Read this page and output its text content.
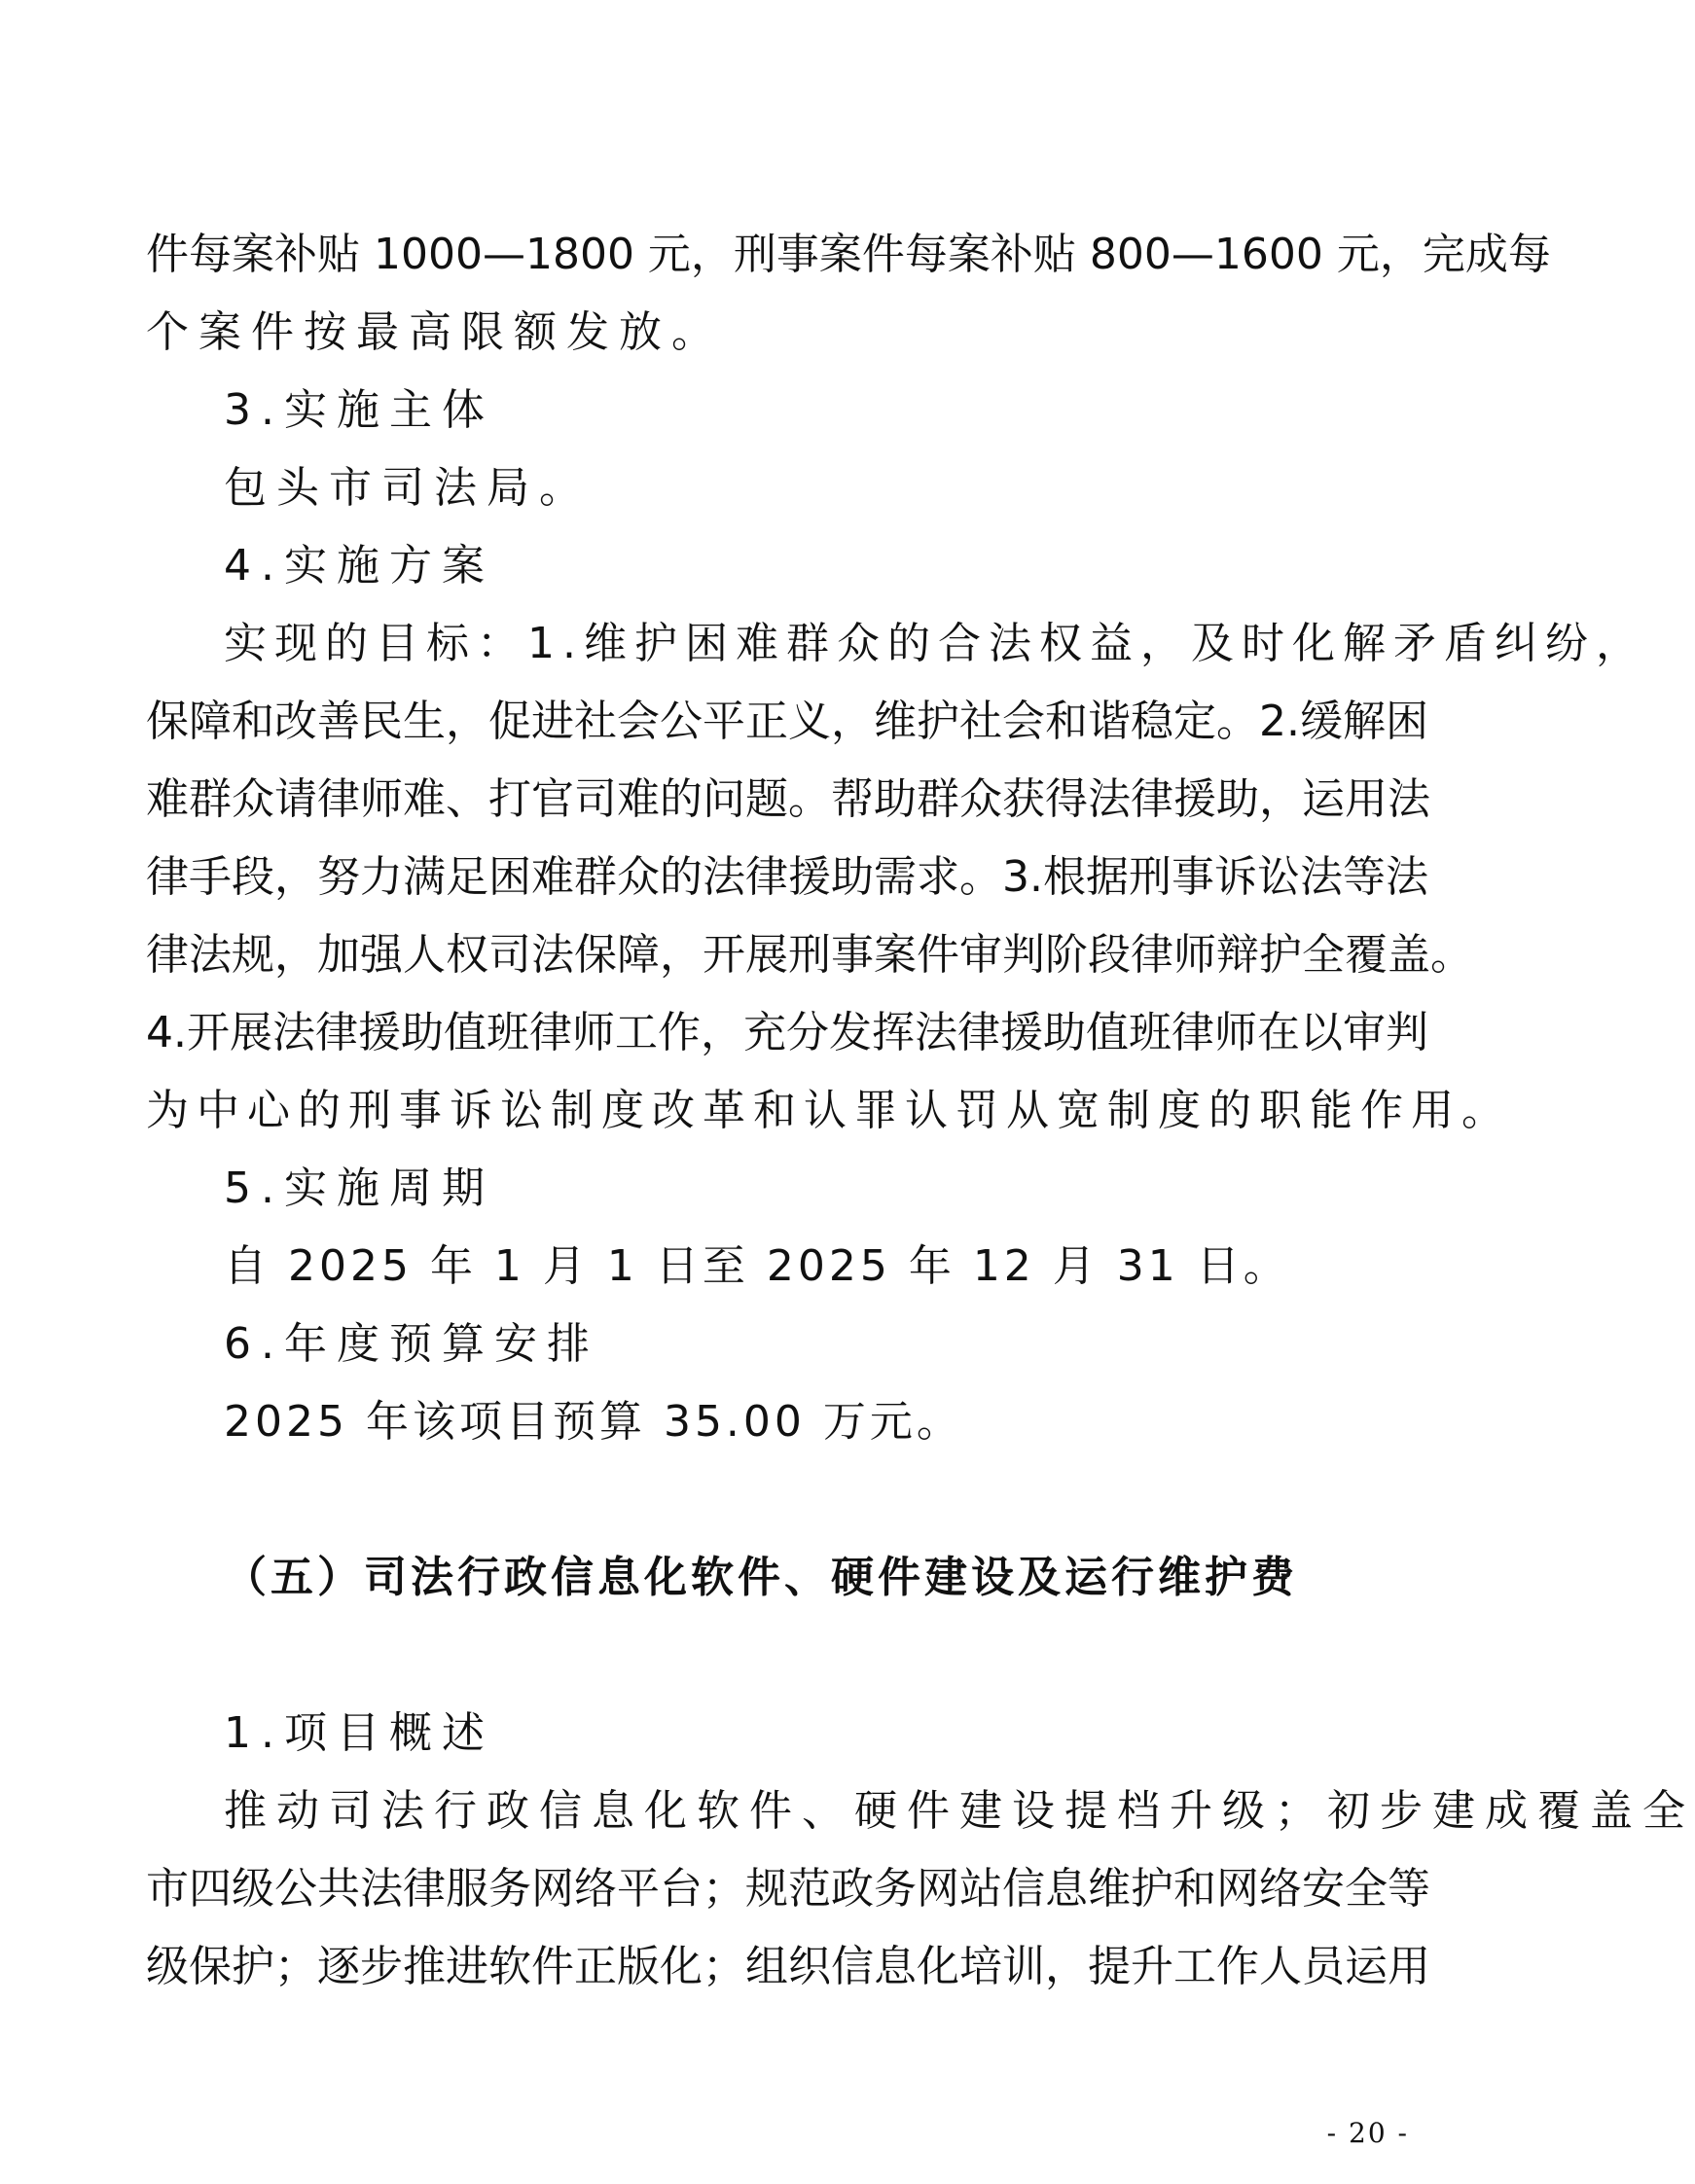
件每案补贴 1000—1800 元，刑事案件每案补贴 800—1600 元，完成每
个案件按最高限额发放。
3.实施主体
包头市司法局。
4.实施方案
实现的目标：1.维护困难群众的合法权益，及时化解矛盾纠纷，
保障和改善民生，促进社会公平正义，维护社会和谐稳定。2.缓解困
难群众请律师难、打官司难的问题。帮助群众获得法律援助，运用法
律手段，努力满足困难群众的法律援助需求。3.根据刑事诉讼法等法
律法规，加强人权司法保障，开展刑事案件审判阶段律师辩护全覆盖。
4.开展法律援助值班律师工作，充分发挥法律援助值班律师在以审判
为中心的刑事诉讼制度改革和认罪认罚从宽制度的职能作用。
5.实施周期
自 2025 年 1 月 1 日至 2025 年 12 月 31 日。
6.年度预算安排
2025 年该项目预算 35.00 万元。
（五）司法行政信息化软件、硬件建设及运行维护费
1.项目概述
推动司法行政信息化软件、硬件建设提档升级；初步建成覆盖全
市四级公共法律服务网络平台；规范政务网站信息维护和网络安全等
级保护；逐步推进软件正版化；组织信息化培训，提升工作人员运用
- 20 -
